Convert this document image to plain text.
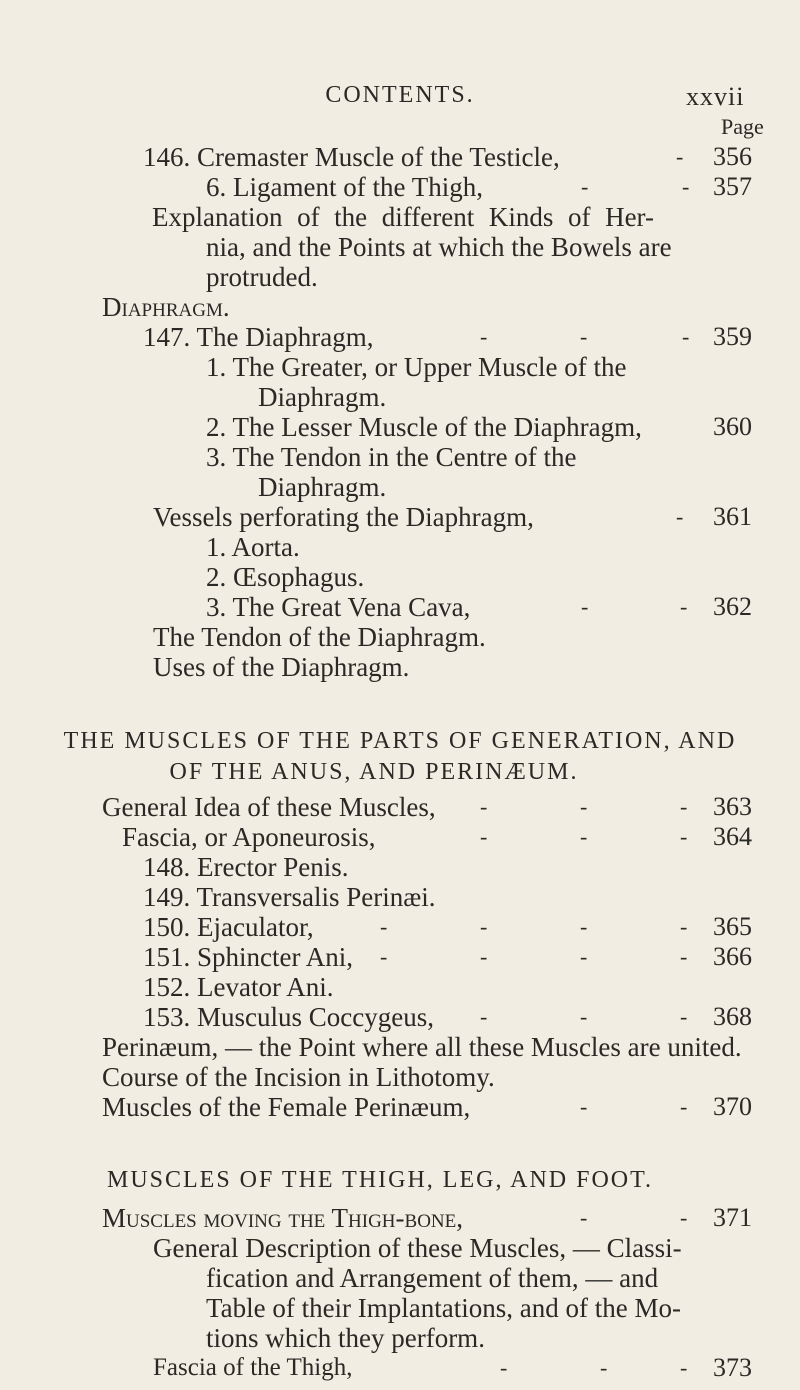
CONTENTS.	xxvii
Page
146. Cremaster Muscle of the Testicle,	- 356
6. Ligament of the Thigh,	-	- 357
Explanation of the different Kinds of Her-
nia, and the Points at which the Bowels are
protruded.
Diaphragm.
147. The Diaphragm,	-	-	- 359
1. The Greater, or Upper Muscle of the
Diaphragm.
2. The Lesser Muscle of the Diaphragm,	360
3. The Tendon in the Centre of the
Diaphragm.
Vessels perforating the Diaphragm,	- 361
1. Aorta.
2. Œsophagus.
3. The Great Vena Cava,	-	- 362
The Tendon of the Diaphragm.
Uses of the Diaphragm.
THE MUSCLES OF THE PARTS OF GENERATION, AND
OF THE ANUS, AND PERINÆUM.
General Idea of these Muscles, -	-	- 363
Fascia, or Aponeurosis,	-	-	- 364
148. Erector Penis.
149. Transversalis Perinæi.
150. Ejaculator,	-	-	-	- 365
151. Sphincter Ani, -	-	-	- 366
152. Levator Ani.
153. Musculus Coccygeus, -	-	- 368
Perinæum, — the Point where all these Muscles are united.
Course of the Incision in Lithotomy.
Muscles of the Female Perinæum,	-	- 370
MUSCLES OF THE THIGH, LEG, AND FOOT.
Muscles moving the Thigh-bone,	-	- 371
General Description of these Muscles, — Classi-
fication and Arrangement of them, — and
Table of their Implantations, and of the Mo-
tions which they perform.
Fascia of the Thigh,	-	-	- 373
